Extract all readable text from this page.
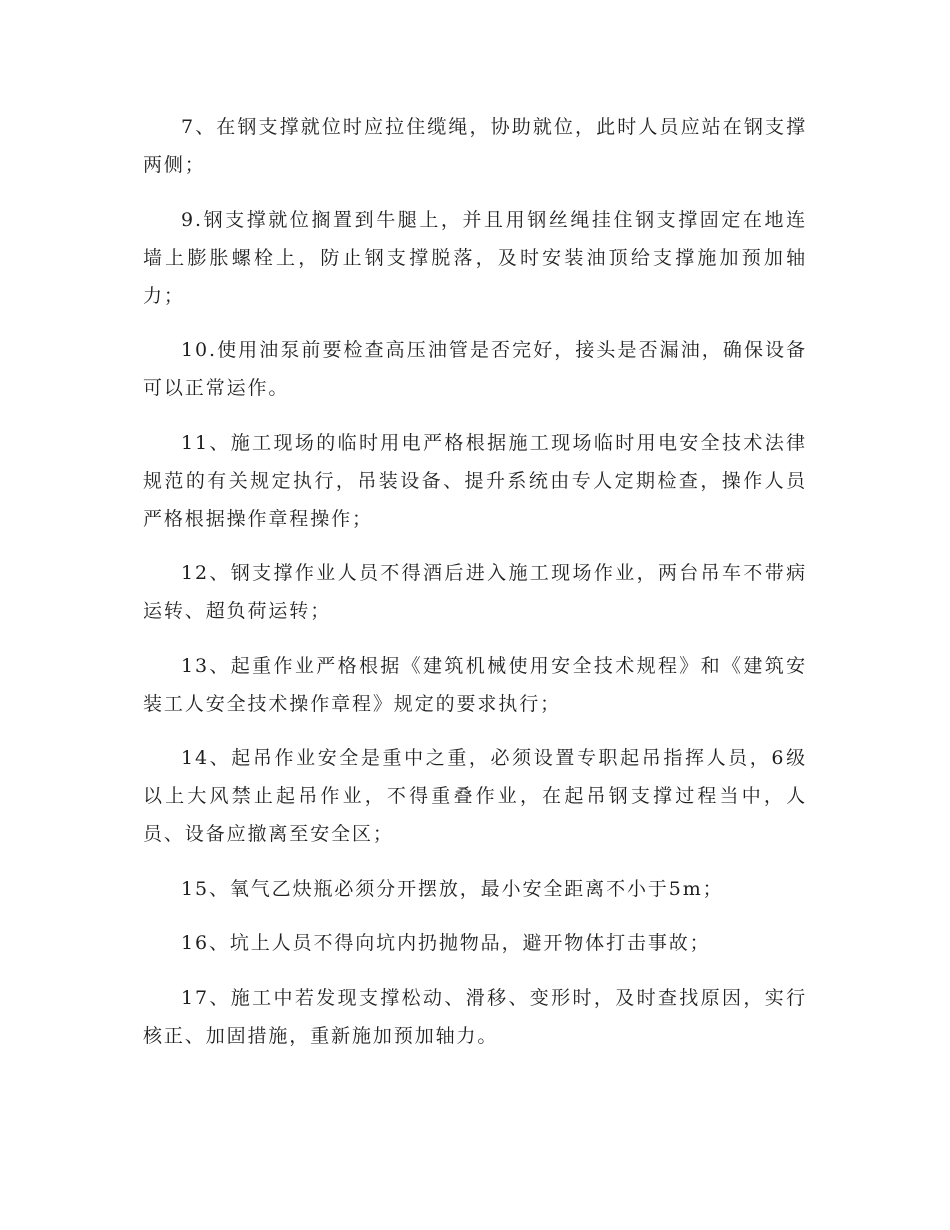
7、在钢支撑就位时应拉住缆绳，协助就位，此时人员应站在钢支撑两侧；

9.钢支撑就位搁置到牛腿上，并且用钢丝绳挂住钢支撑固定在地连墙上膨胀螺栓上，防止钢支撑脱落，及时安装油顶给支撑施加预加轴力；

10.使用油泵前要检查高压油管是否完好，接头是否漏油，确保设备可以正常运作。

11、施工现场的临时用电严格根据施工现场临时用电安全技术法律规范的有关规定执行，吊装设备、提升系统由专人定期检查，操作人员严格根据操作章程操作；

12、钢支撑作业人员不得酒后进入施工现场作业，两台吊车不带病运转、超负荷运转；

13、起重作业严格根据《建筑机械使用安全技术规程》和《建筑安装工人安全技术操作章程》规定的要求执行；

14、起吊作业安全是重中之重，必须设置专职起吊指挥人员，6级以上大风禁止起吊作业，不得重叠作业，在起吊钢支撑过程当中，人员、设备应撤离至安全区；

15、氧气乙炔瓶必须分开摆放，最小安全距离不小于5m；

16、坑上人员不得向坑内扔抛物品，避开物体打击事故；

17、施工中若发现支撑松动、滑移、变形时，及时查找原因，实行核正、加固措施，重新施加预加轴力。
